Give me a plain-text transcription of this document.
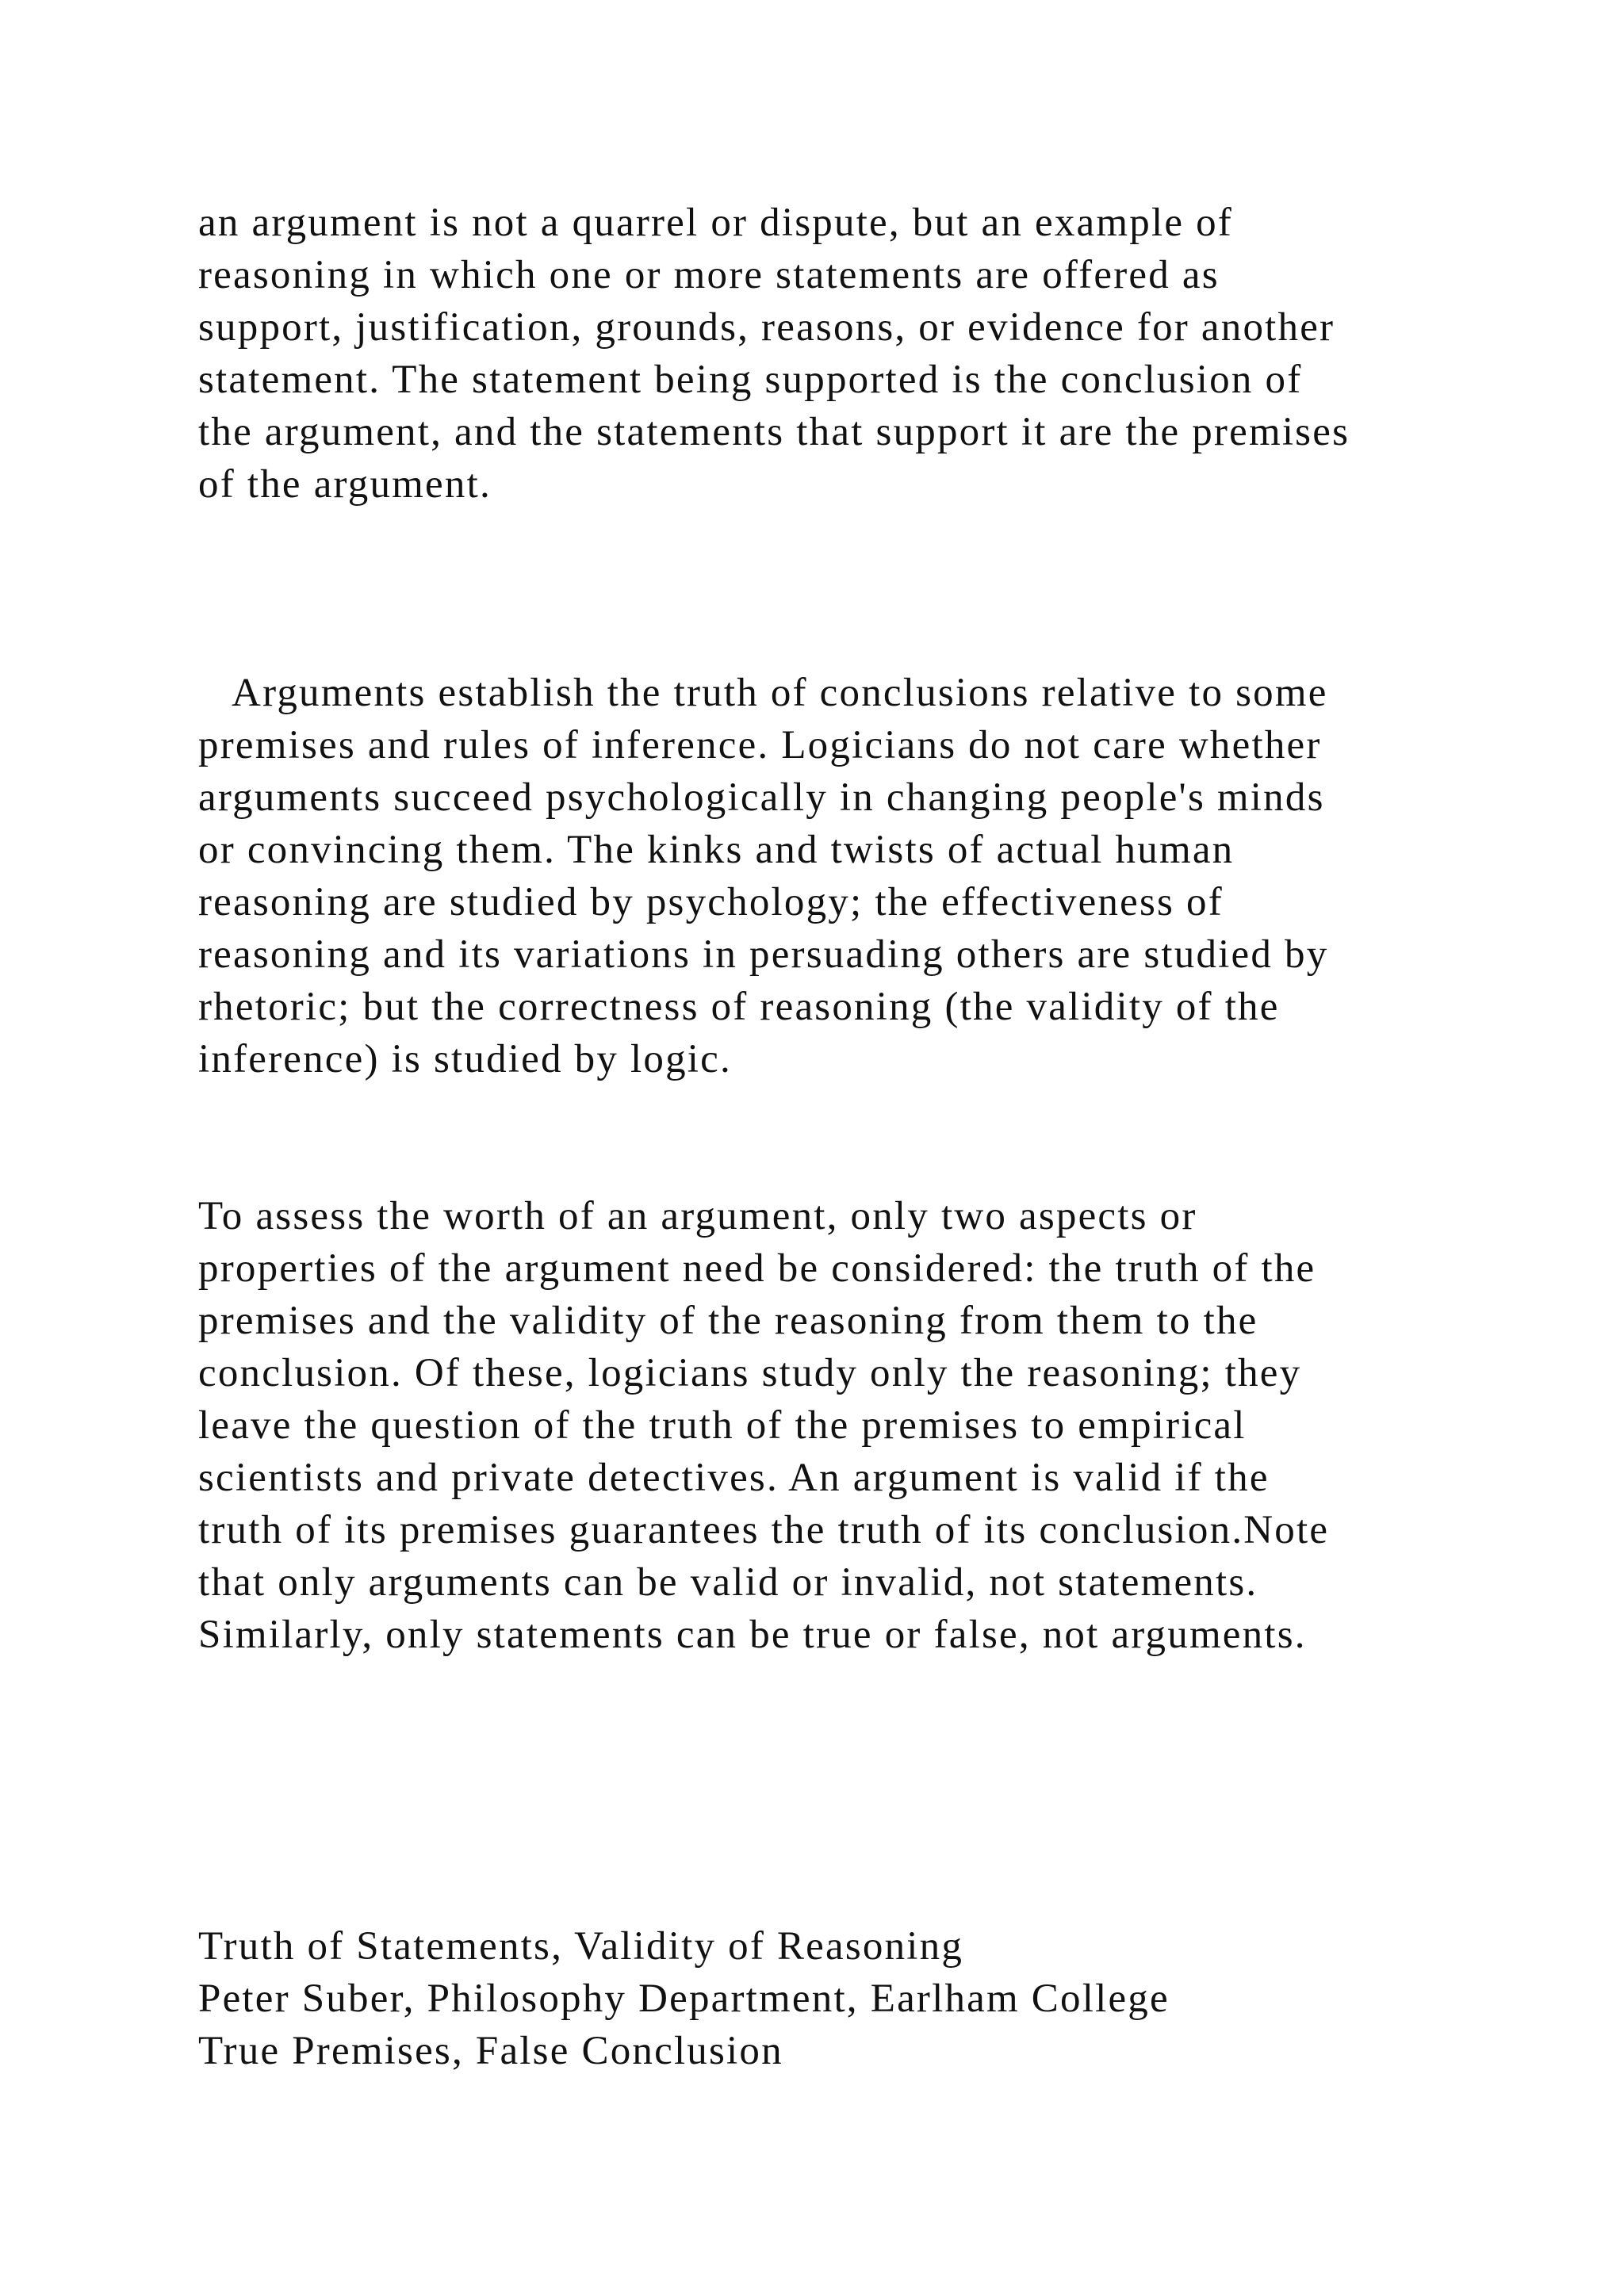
an argument is not a quarrel or dispute, but an example of
reasoning in which one or more statements are offered as
support, justification, grounds, reasons, or evidence for another
statement. The statement being supported is the conclusion of
the argument, and the statements that support it are the premises
of the argument.
Arguments establish the truth of conclusions relative to some
premises and rules of inference. Logicians do not care whether
arguments succeed psychologically in changing people's minds
or convincing them. The kinks and twists of actual human
reasoning are studied by psychology; the effectiveness of
reasoning and its variations in persuading others are studied by
rhetoric; but the correctness of reasoning (the validity of the
inference) is studied by logic.
To assess the worth of an argument, only two aspects or
properties of the argument need be considered: the truth of the
premises and the validity of the reasoning from them to the
conclusion. Of these, logicians study only the reasoning; they
leave the question of the truth of the premises to empirical
scientists and private detectives. An argument is valid if the
truth of its premises guarantees the truth of its conclusion.Note
that only arguments can be valid or invalid, not statements.
Similarly, only statements can be true or false, not arguments.
Truth of Statements, Validity of Reasoning
Peter Suber, Philosophy Department, Earlham College
True Premises, False Conclusion
